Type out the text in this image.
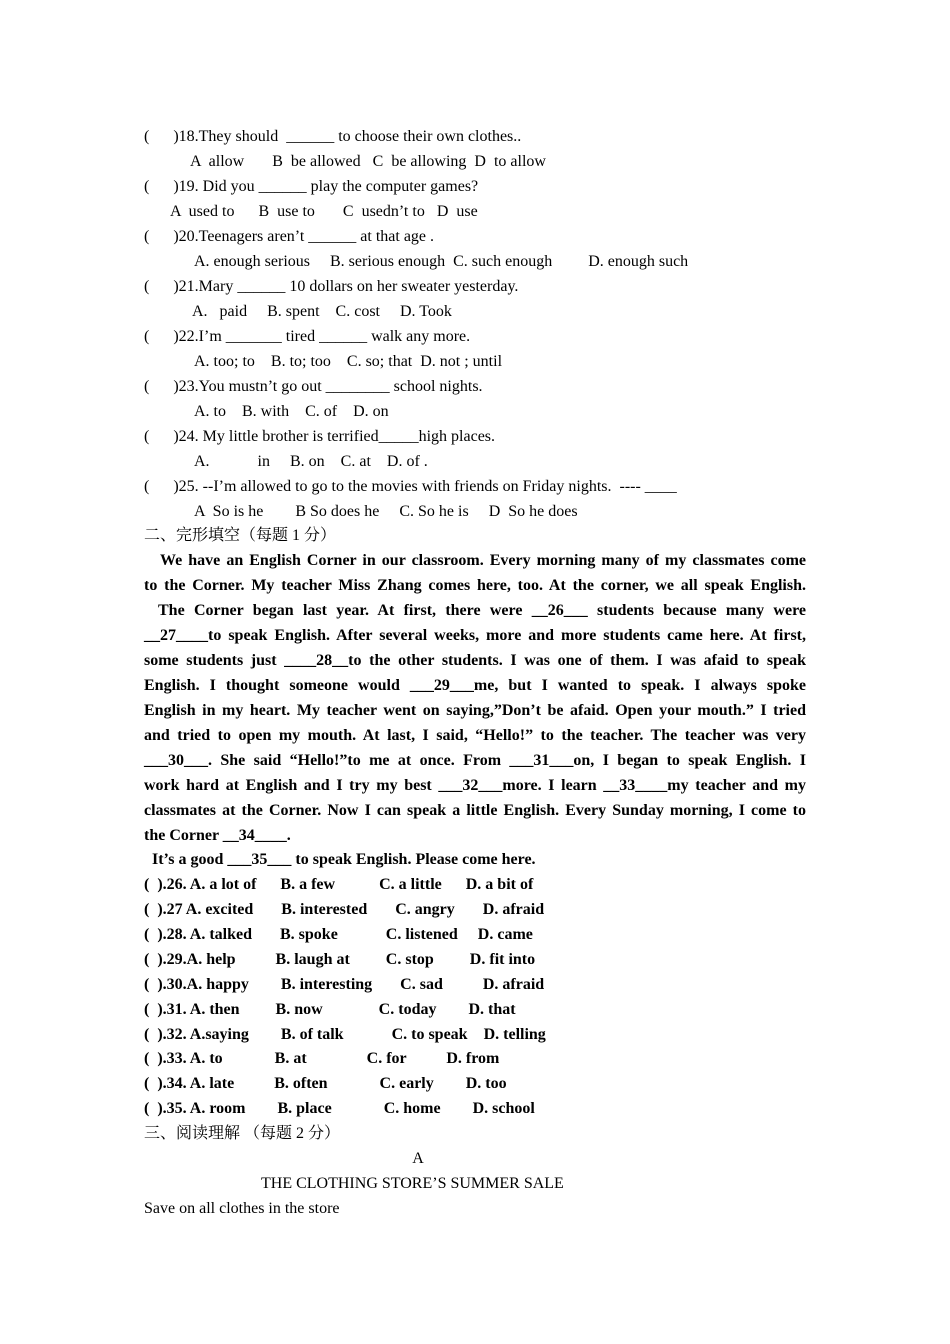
(      )18.They should  ______ to choose their own clothes..
A  allow       B  be allowed   C  be allowing  D  to allow
(      )19. Did you ______ play the computer games?
A  used to      B  use to       C  usedn’t to   D  use
(      )20.Teenagers aren’t ______ at that age .
A. enough serious     B. serious enough  C. such enough         D. enough such
(      )21.Mary ______ 10 dollars on her sweater yesterday.
A.   paid     B. spent    C. cost     D. Took
(      )22.I’m _______ tired ______ walk any more.
A. too; to    B. to; too    C. so; that  D. not ; until
(      )23.You mustn’t go out ________ school nights.
A. to    B. with    C. of    D. on
(      )24. My little brother is terrified_____high places.
A.            in     B. on    C. at    D. of .
(      )25. --I’m allowed to go to the movies with friends on Friday nights.  ---- ____
A  So is he        B So does he     C. So he is     D  So he does
二、完形填空（每题 1 分）
We have an English Corner in our classroom. Every morning many of my classmates come
to the Corner. My teacher Miss Zhang comes here, too. At the corner, we all speak English.
The Corner began last year. At first, there were __26___ students because many were
__27____to speak English. After several weeks, more and more students came here. At first,
some students just ____28__to the other students. I was one of them. I was afaid to speak
English. I thought someone would ___29___me, but I wanted to speak. I always spoke
English in my heart. My teacher went on saying,”Don’t be afaid. Open your mouth.” I tried
and tried to open my mouth. At last, I said, “Hello!” to the teacher. The teacher was very
___30___. She said “Hello!”to me at once. From ___31___on, I began to speak English. I
work hard at English and I try my best ___32___more. I learn __33____my teacher and my
classmates at the Corner. Now I can speak a little English. Every Sunday morning, I come to
the Corner __34____.
It’s a good ___35___ to speak English. Please come here.
(  ).26. A. a lot of      B. a few           C. a little      D. a bit of
(  ).27 A. excited       B. interested       C. angry       D. afraid
(  ).28. A. talked       B. spoke            C. listened     D. came
(  ).29.A. help          B. laugh at         C. stop         D. fit into
(  ).30.A. happy        B. interesting       C. sad          D. afraid
(  ).31. A. then         B. now              C. today        D. that
(  ).32. A.saying        B. of talk            C. to speak    D. telling
(  ).33. A. to             B. at               C. for          D. from
(  ).34. A. late          B. often             C. early        D. too
(  ).35. A. room        B. place             C. home        D. school
三、阅读理解 （每题 2 分）
A
THE CLOTHING STORE’S SUMMER SALE
Save on all clothes in the store
